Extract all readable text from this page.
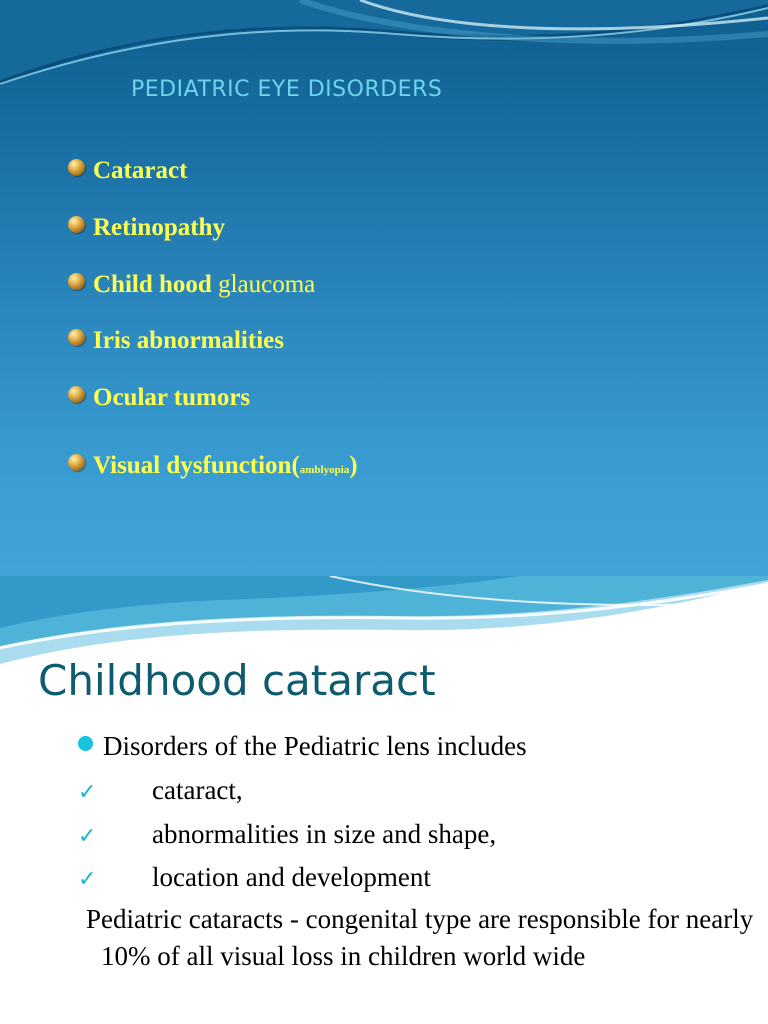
PEDIATRIC EYE DISORDERS
Cataract
Retinopathy
Child hood glaucoma
Iris abnormalities
Ocular tumors
Visual dysfunction(amblyopia)
Childhood cataract
Disorders of the Pediatric lens includes
✓ cataract,
✓ abnormalities in size and shape,
✓ location and development

Pediatric cataracts - congenital type are responsible for nearly 10% of all visual loss in children world wide
